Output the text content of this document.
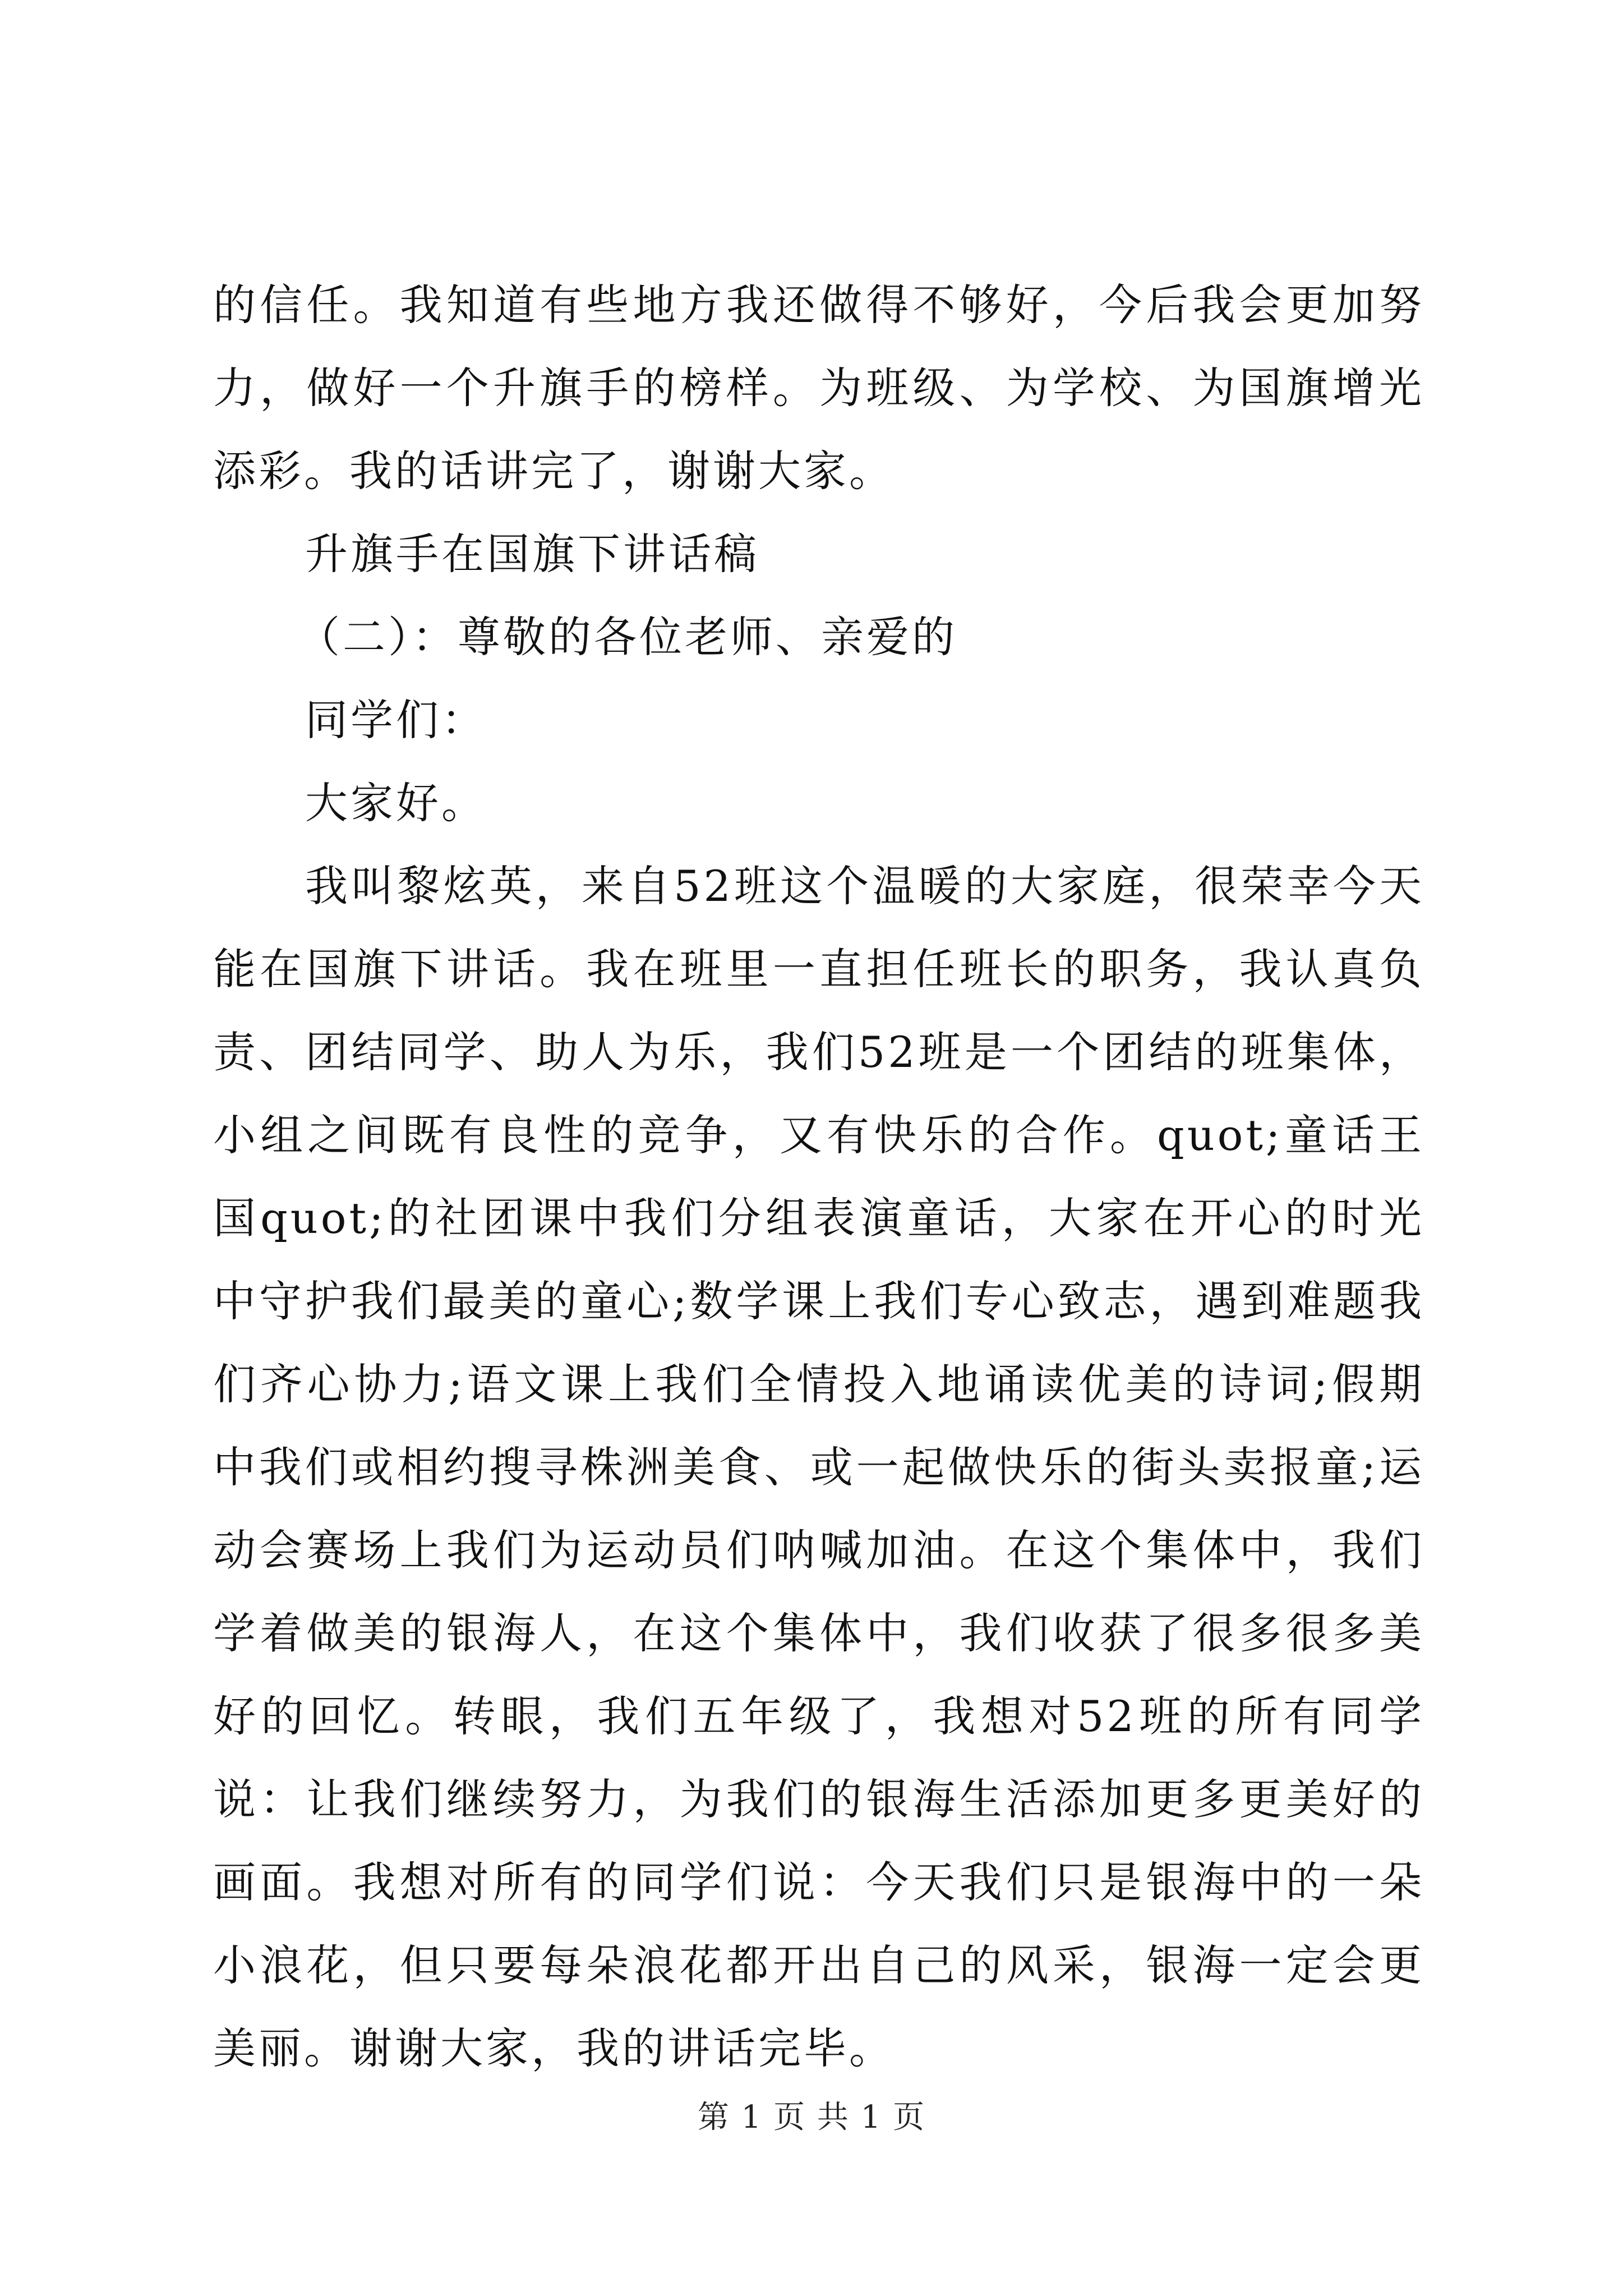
的信任。我知道有些地方我还做得不够好，今后我会更加努力，做好一个升旗手的榜样。为班级、为学校、为国旗增光添彩。我的话讲完了，谢谢大家。

升旗手在国旗下讲话稿

（二）：尊敬的各位老师、亲爱的

同学们：

大家好。

我叫黎炫英，来自52班这个温暖的大家庭，很荣幸今天能在国旗下讲话。我在班里一直担任班长的职务，我认真负责、团结同学、助人为乐，我们52班是一个团结的班集体，小组之间既有良性的竞争，又有快乐的合作。quot;童话王国quot;的社团课中我们分组表演童话，大家在开心的时光中守护我们最美的童心;数学课上我们专心致志，遇到难题我们齐心协力;语文课上我们全情投入地诵读优美的诗词;假期中我们或相约搜寻株洲美食、或一起做快乐的街头卖报童;运动会赛场上我们为运动员们呐喊加油。在这个集体中，我们学着做美的银海人，在这个集体中，我们收获了很多很多美好的回忆。转眼，我们五年级了，我想对52班的所有同学说：让我们继续努力，为我们的银海生活添加更多更美好的画面。我想对所有的同学们说：今天我们只是银海中的一朵小浪花，但只要每朵浪花都开出自己的风采，银海一定会更美丽。谢谢大家，我的讲话完毕。

第 1 页 共 1 页
